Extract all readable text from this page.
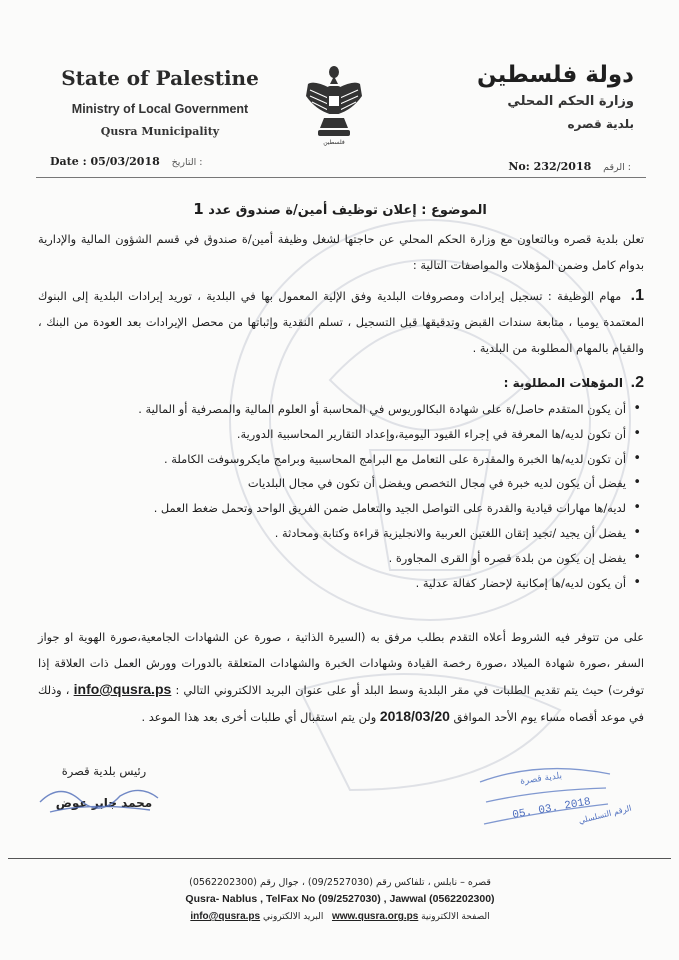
State of Palestine
Ministry of Local Government
Qusra Municipality
فلسطين
دولة فلسطين
وزارة الحكم المحلي
بلدية قصره
Date : 05/03/2018 التاريخ :	No: 232/2018 الرقم :
الموضوع : إعلان توظيف أمين/ة صندوق عدد 1
تعلن بلدية قصره وبالتعاون مع وزارة الحكم المحلي عن حاجتها لشغل وظيفة أمين/ة صندوق في قسم الشؤون المالية والإدارية بدوام كامل وضمن المؤهلات والمواصفات التالية :
1. مهام الوظيفة : تسجيل إيرادات ومصروفات البلدية وفق الإلية المعمول بها في البلدية ، توريد إيرادات البلدية إلى البنوك المعتمدة يوميا ، متابعة سندات القبض وتدقيقها قبل التسجيل ، تسلم النقدية وإثباتها من محصل الإيرادات بعد العودة من البنك ، والقيام بالمهام المطلوبة من البلدية .
2. المؤهلات المطلوبة :
• أن يكون المتقدم حاصل/ة على شهادة البكالوريوس في المحاسبة أو العلوم المالية والمصرفية أو المالية .
• أن تكون لديه/ها المعرفة في إجراء القيود اليومية،وإعداد التقارير المحاسبية الدورية.
• أن تكون لديه/ها الخبرة والمقدرة على التعامل مع البرامج المحاسبية وبرامج مايكروسوفت الكاملة .
• يفضل أن يكون لديه خبرة في مجال التخصص ويفضل أن تكون في مجال البلديات
• لديه/ها مهارات قيادية والقدرة على التواصل الجيد والتعامل ضمن الفريق الواحد وتحمل ضغط العمل .
• يفضل أن يجيد /تجيد إتقان اللغتين العربية والانجليزية قراءة وكتابة ومحادثة .
• يفضل إن يكون من بلدة قصره أو القرى المجاورة .
• أن يكون لديه/ها إمكانية لإحضار كفالة عدلية .
على من تتوفر فيه الشروط أعلاه التقدم بطلب مرفق به (السيرة الذاتية ، صورة عن الشهادات الجامعية،صورة الهوية او جواز السفر ،صورة شهادة الميلاد ،صورة رخصة القيادة وشهادات الخبرة والشهادات المتعلقة بالدورات وورش العمل ذات العلاقة إذا توفرت) حيث يتم تقديم الطلبات في مقر البلدية وسط البلد أو على عنوان البريد الالكتروني التالي : info@qusra.ps ، وذلك في موعد أقصاه مساء يوم الأحد الموافق 2018/03/20 ولن يتم استقبال أي طلبات أخرى بعد هذا الموعد .
رئيس بلدية قصرة
محمد جابر عوض
بلدية قصرة
05. 03. 2018
الرقم التسلسلي
قصره – نابلس ، تلفاكس رقم (09/2527030) ، جوال رقم (0562202300)
Qusra- Nablus , TelFax No (09/2527030) , Jawwal (0562202300)
الصفحة الالكترونية www.qusra.org.ps   البريد الالكتروني info@qusra.ps
